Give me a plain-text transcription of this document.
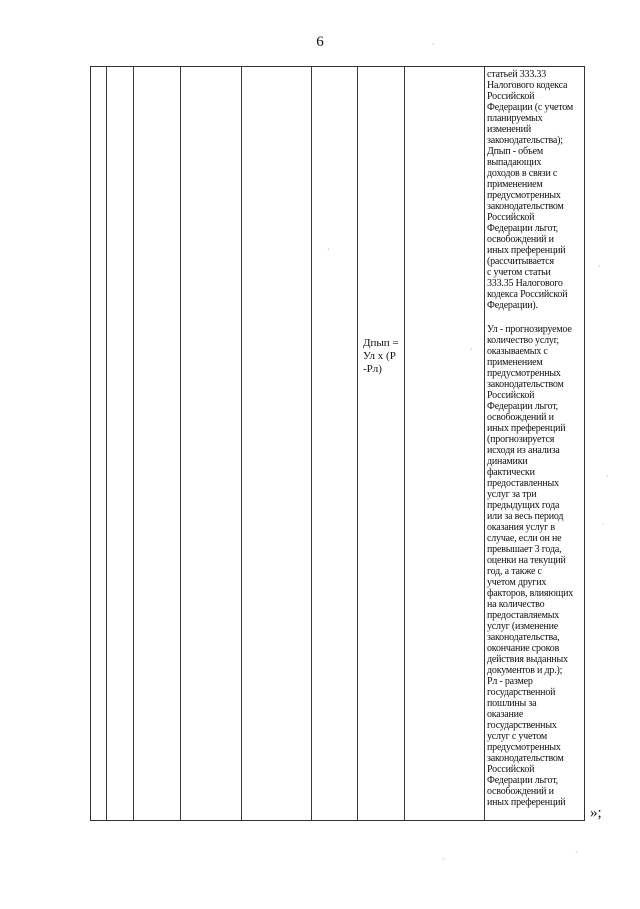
6
Дпып =
Ул х (Р
-Рл)

статьей 333.33
Налогового кодекса
Российской
Федерации (с учетом
планируемых
изменений
законодательства);
Дпып - объем
выпадающих
доходов в связи с
применением
предусмотренных
законодательством
Российской
Федерации льгот,
освобождений и
иных преференций
(рассчитывается
с учетом статьи
333.35 Налогового
кодекса Российской
Федерации).

Ул - прогнозируемое
количество услуг,
оказываемых с
применением
предусмотренных
законодательством
Российской
Федерации льгот,
освобождений и
иных преференций
(прогнозируется
исходя из анализа
динамики
фактически
предоставленных
услуг за три
предыдущих года
или за весь период
оказания услуг в
случае, если он не
превышает 3 года,
оценки на текущий
год, а также с
учетом других
факторов, влияющих
на количество
предоставляемых
услуг (изменение
законодательства,
окончание сроков
действия выданных
документов и др.);
Рл - размер
государственной
пошлины за
оказание
государственных
услуг с учетом
предусмотренных
законодательством
Российской
Федерации льгот,
освобождений и
иных преференций

»;
·
·
·
·
·
·
·
·
